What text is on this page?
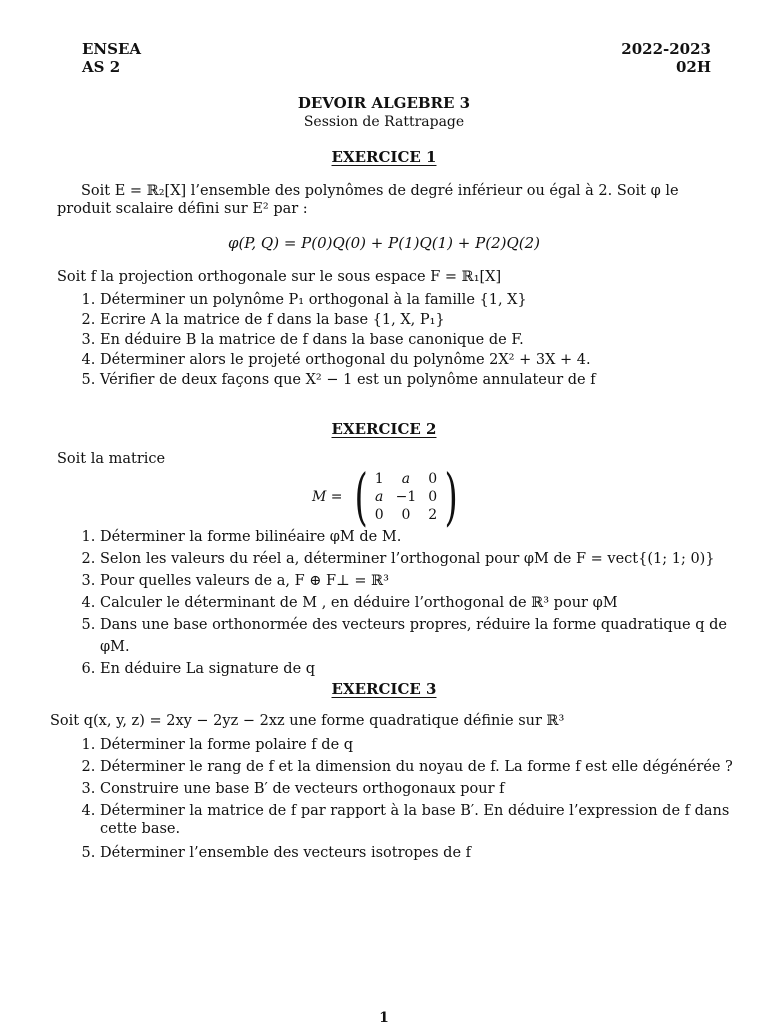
ENSEA
AS 2
2022-2023
02H
DEVOIR ALGEBRE 3
Session de Rattrapage
EXERCICE 1
Soit E = ℝ₂[X] l’ensemble des polynômes de degré inférieur ou égal à 2. Soit φ le produit scalaire défini sur E² par :
φ(P, Q) = P(0)Q(0) + P(1)Q(1) + P(2)Q(2)
Soit f la projection orthogonale sur le sous espace F = ℝ₁[X]
1. Déterminer un polynôme P₁ orthogonal à la famille {1, X}
2. Ecrire A la matrice de f dans la base {1, X, P₁}
3. En déduire B la matrice de f dans la base canonique de F.
4. Déterminer alors le projeté orthogonal du polynôme 2X² + 3X + 4.
5. Vérifier de deux façons que X² − 1 est un polynôme annulateur de f
EXERCICE 2
Soit la matrice
M = ( 1	a	0
a	−1	0
0	0	2 )
1. Déterminer la forme bilinéaire φM de M.
2. Selon les valeurs du réel a, déterminer l’orthogonal pour φM de F = vect{(1; 1; 0)}
3. Pour quelles valeurs de a, F ⊕ F⊥ = ℝ³
4. Calculer le déterminant de M , en déduire l’orthogonal de ℝ³ pour φM
5. Dans une base orthonormée des vecteurs propres, réduire la forme quadratique q de φM.
6. En déduire La signature de q
EXERCICE 3
Soit q(x, y, z) = 2xy − 2yz − 2xz une forme quadratique définie sur ℝ³
1. Déterminer la forme polaire f de q
2. Déterminer le rang de f et la dimension du noyau de f. La forme f est elle dégénérée ?
3. Construire une base B′ de vecteurs orthogonaux pour f
4. Déterminer la matrice de f par rapport à la base B′. En déduire l’expression de f dans cette base.
5. Déterminer l’ensemble des vecteurs isotropes de f
1
